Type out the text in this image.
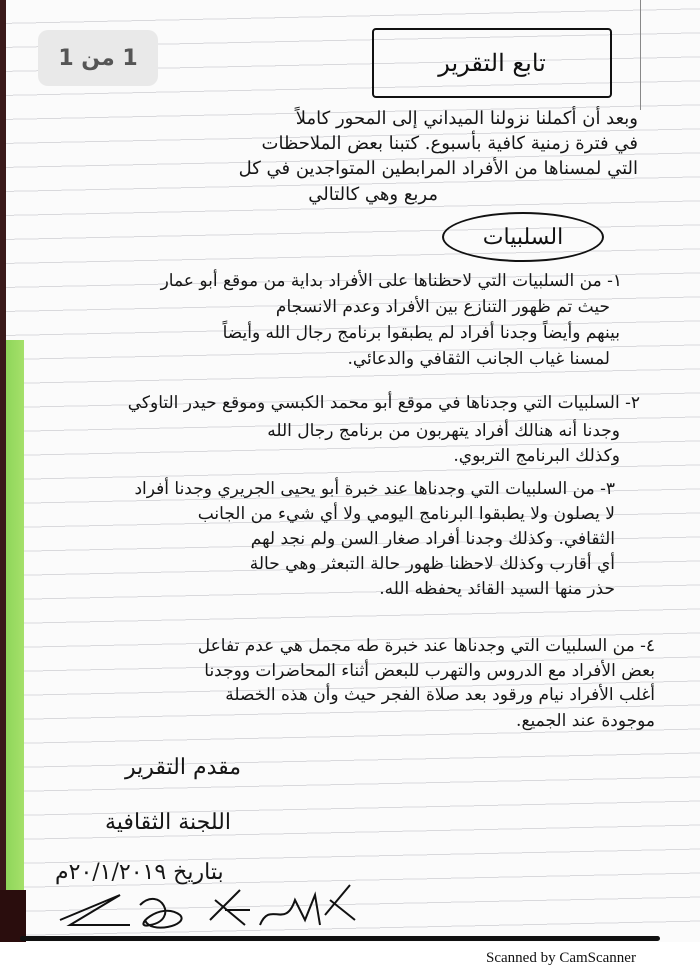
1 من 1	تابع التقرير
وبعد أن أكملنا نزولنا الميداني إلى المحور كاملاً
في فترة زمنية كافية بأسبوع. كتبنا بعض الملاحظات
التي لمسناها من الأفراد المرابطين المتواجدين في كل
مربع وهي كالتالي
السلبيات
١- من السلبيات التي لاحظناها على الأفراد بداية من موقع أبو عمار
حيث تم ظهور التنازع بين الأفراد وعدم الانسجام
بينهم وأيضاً وجدنا أفراد لم يطبقوا برنامج رجال الله وأيضاً
لمسنا غياب الجانب الثقافي والدعائي.
٢- السلبيات التي وجدناها في موقع أبو محمد الكبسي وموقع حيدر التاوكي
وجدنا أنه هنالك أفراد يتهربون من برنامج رجال الله
وكذلك البرنامج التربوي.
٣- من السلبيات التي وجدناها عند خبرة أبو يحيى الجريري وجدنا أفراد
لا يصلون ولا يطبقوا البرنامج اليومي ولا أي شيء من الجانب
الثقافي. وكذلك وجدنا أفراد صغار السن ولم نجد لهم
أي أقارب وكذلك لاحظنا ظهور حالة التبعثر وهي حالة
حذر منها السيد القائد يحفظه الله.
٤- من السلبيات التي وجدناها عند خبرة طه مجمل هي عدم تفاعل
بعض الأفراد مع الدروس والتهرب للبعض أثناء المحاضرات ووجدنا
أغلب الأفراد نيام ورقود بعد صلاة الفجر حيث وأن هذه الخصلة
موجودة عند الجميع.
مقدم التقرير
اللجنة الثقافية
بتاريخ ٢٠/١/٢٠١٩م
Scanned by CamScanner
